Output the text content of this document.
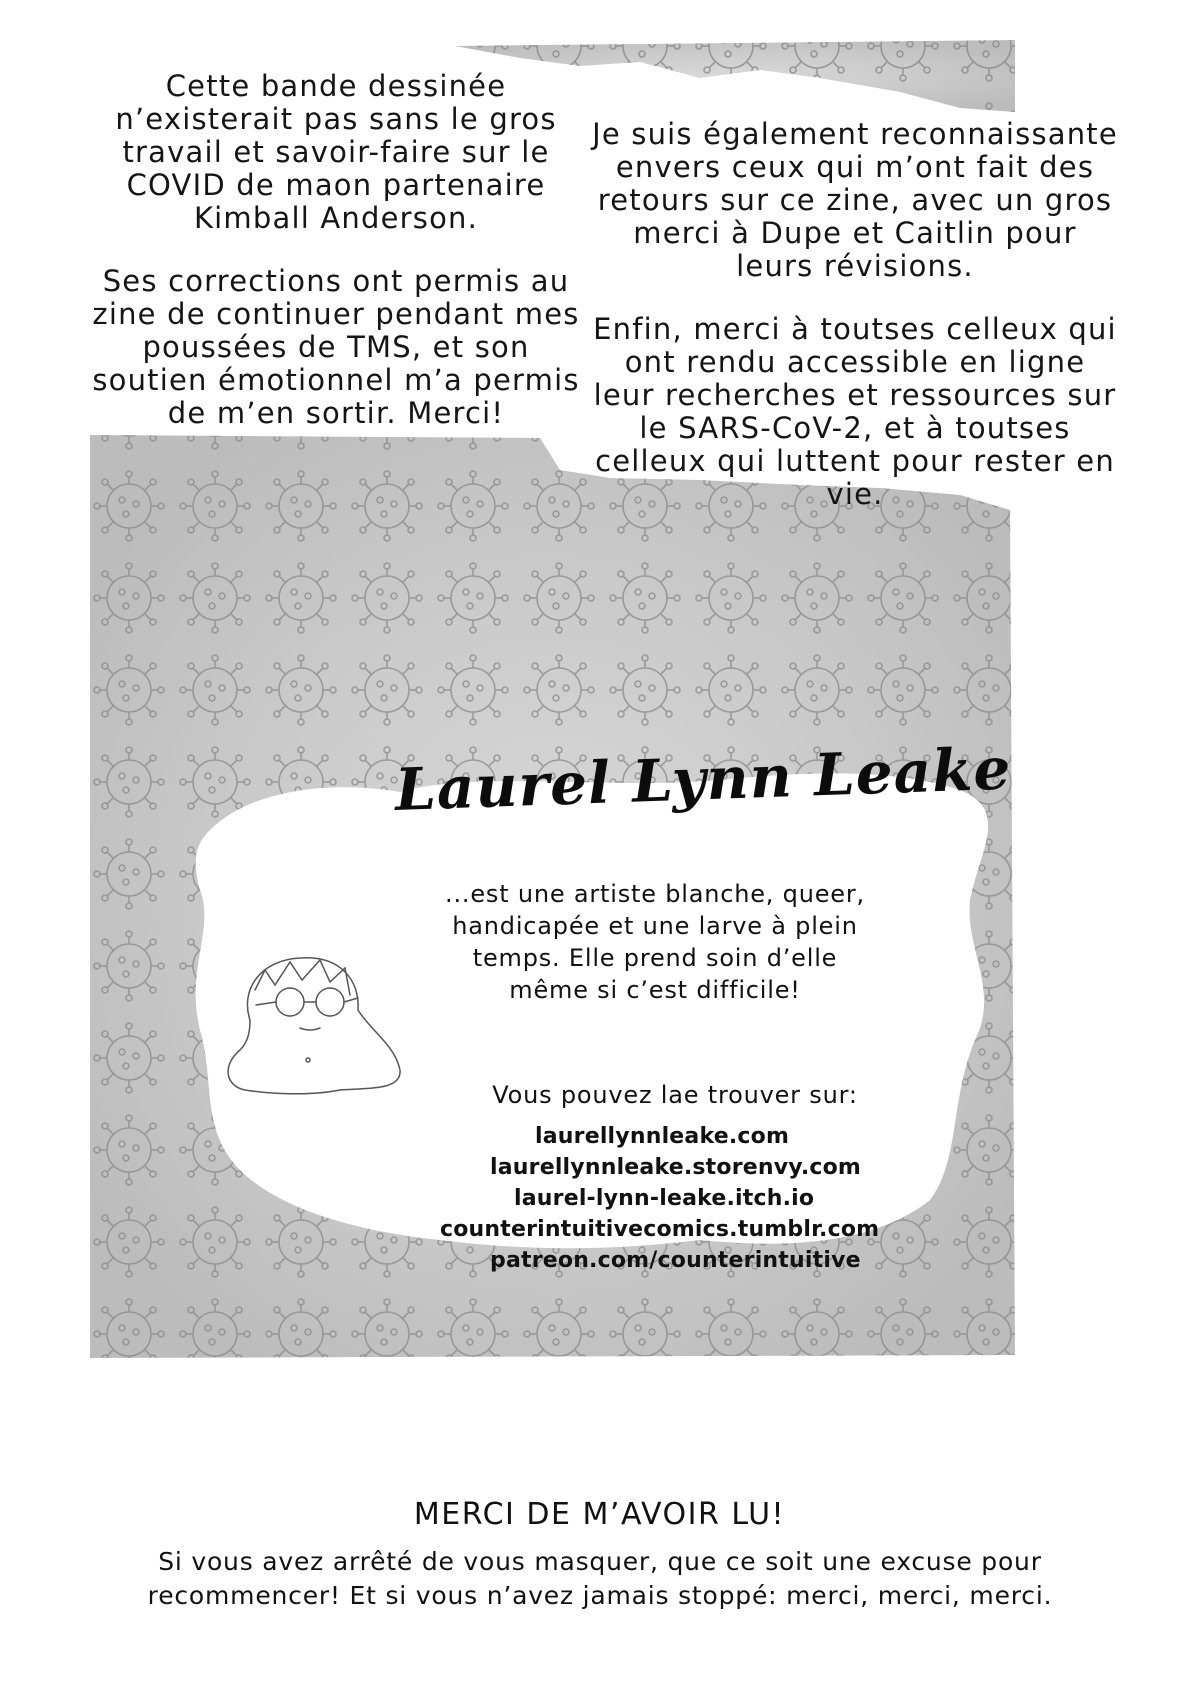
Cette bande dessinée n’existerait pas sans le gros travail et savoir-faire sur le COVID de maon partenaire Kimball Anderson.

Ses corrections ont permis au zine de continuer pendant mes poussées de TMS, et son soutien émotionnel m’a permis de m’en sortir. Merci!

Je suis également reconnaissante envers ceux qui m’ont fait des retours sur ce zine, avec un gros merci à Dupe et Caitlin pour leurs révisions.

Enfin, merci à toutses celleux qui ont rendu accessible en ligne leur recherches et ressources sur le SARS-CoV-2, et à toutses celleux qui luttent pour rester en vie.

Laurel Lynn Leake
...est une artiste blanche, queer, handicapée et une larve à plein temps. Elle prend soin d’elle même si c’est difficile!
Vous pouvez lae trouver sur:
laurellynnleake.com
laurellynnleake.storenvy.com
laurel-lynn-leake.itch.io
counterintuitivecomics.tumblr.com
patreon.com/counterintuitive
MERCI DE M’AVOIR LU!
Si vous avez arrêté de vous masquer, que ce soit une excuse pour recommencer! Et si vous n’avez jamais stoppé: merci, merci, merci.
